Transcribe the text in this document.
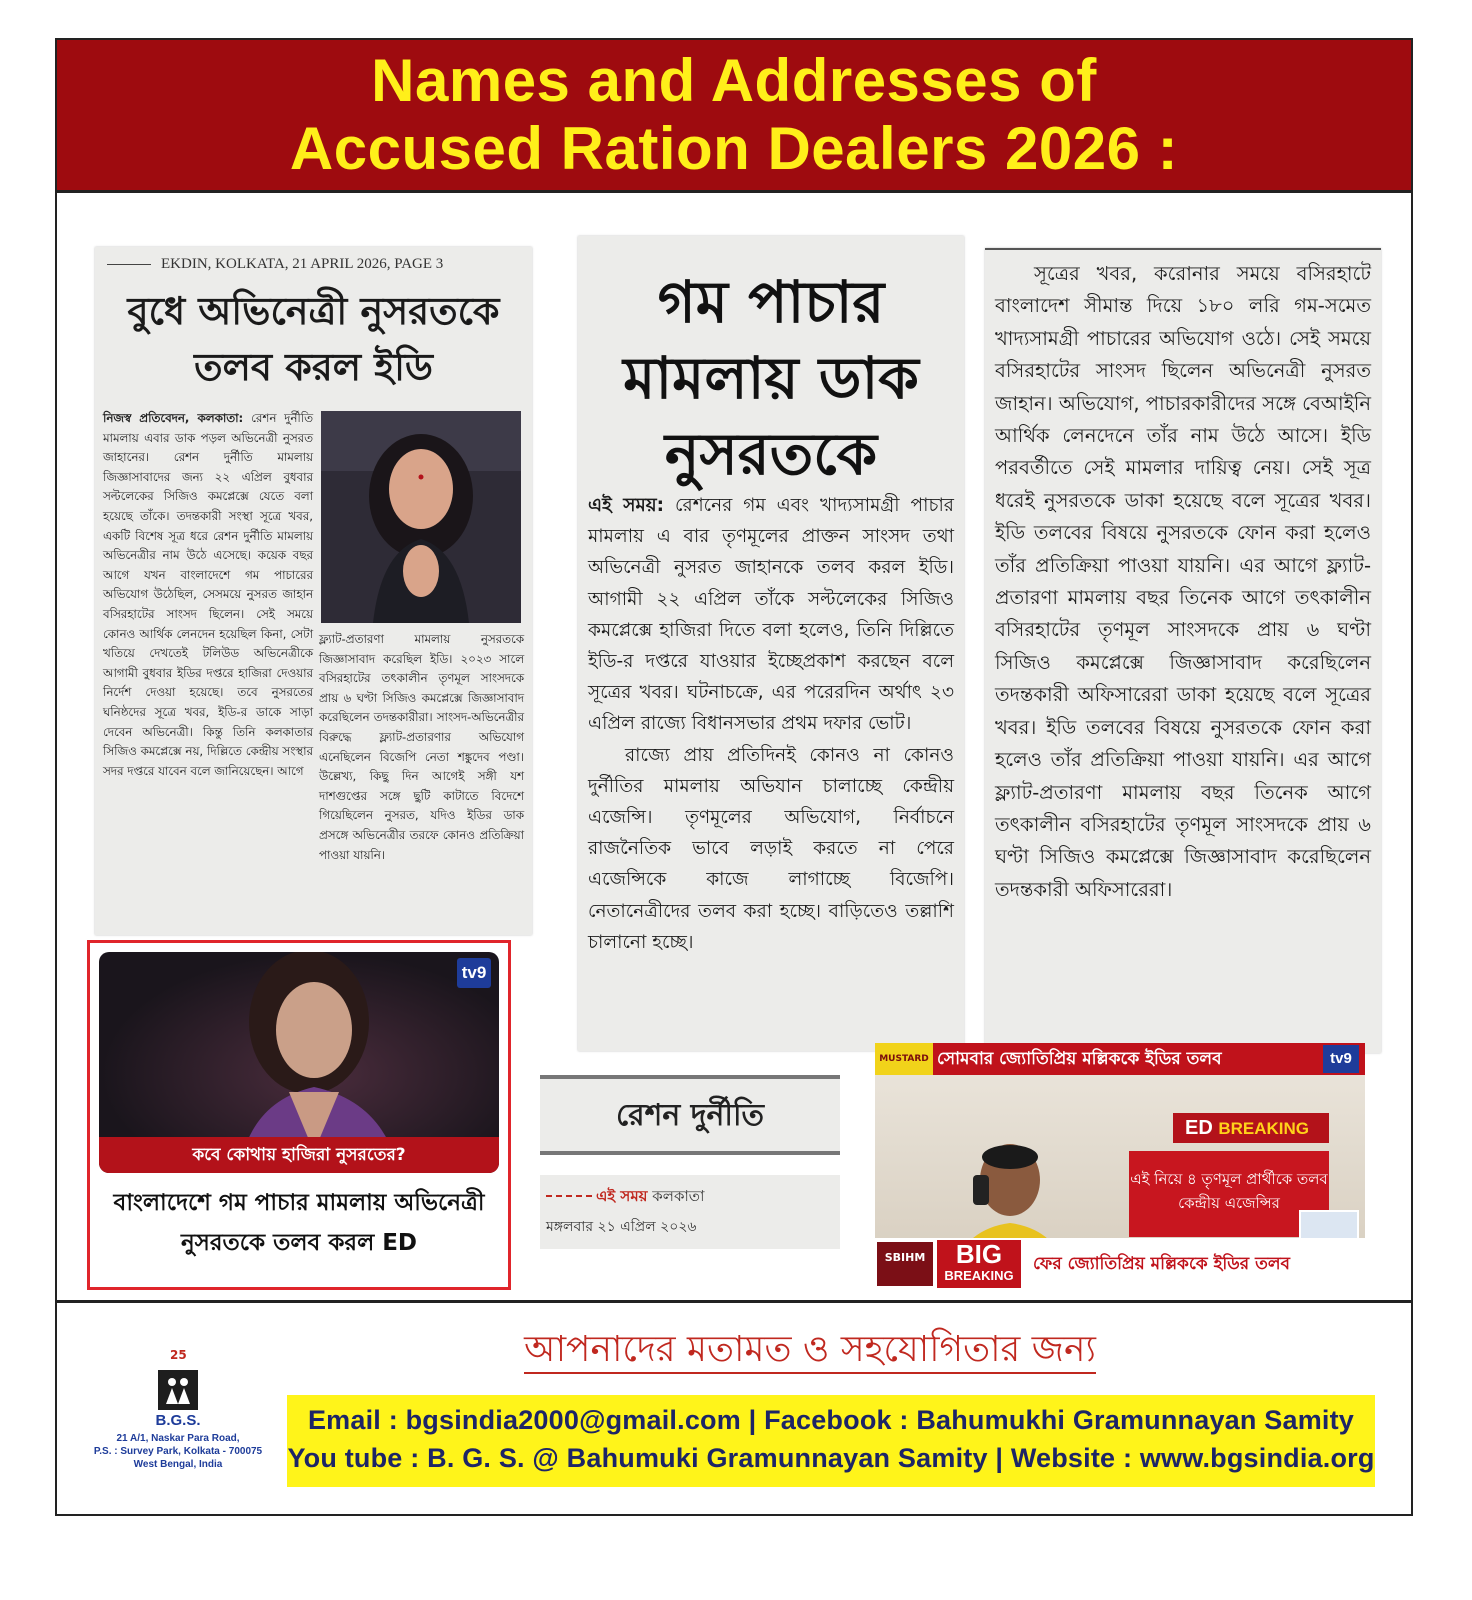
Names and Addresses of
Accused Ration Dealers 2026 :
EKDIN, KOLKATA, 21 APRIL 2026, PAGE 3
বুধে অভিনেত্রী নুসরতকে তলব করল ইডি
নিজস্ব প্রতিবেদন, কলকাতা: রেশন দুর্নীতি মামলায় এবার ডাক পড়ল অভিনেত্রী নুসরত জাহানের। রেশন দুর্নীতি মামলায় জিজ্ঞাসাবাদের জন্য ২২ এপ্রিল বুধবার সল্টলেকের সিজিও কমপ্লেক্সে যেতে বলা হয়েছে তাঁকে। তদন্তকারী সংস্থা সূত্রে খবর, একটি বিশেষ সূত্র ধরে রেশন দুর্নীতি মামলায় অভিনেত্রীর নাম উঠে এসেছে। কয়েক বছর আগে যখন বাংলাদেশে গম পাচারের অভিযোগ উঠেছিল, সেসময়ে নুসরত জাহান বসিরহাটের সাংসদ ছিলেন। সেই সময়ে কোনও আর্থিক লেনদেন হয়েছিল কিনা, সেটা খতিয়ে দেখতেই টলিউড অভিনেত্রীকে আগামী বুধবার ইডির দপ্তরে হাজিরা দেওয়ার নির্দেশ দেওয়া হয়েছে। তবে নুসরতের ঘনিষ্ঠদের সূত্রে খবর, ইডি-র ডাকে সাড়া দেবেন অভিনেত্রী। কিন্তু তিনি কলকাতার সিজিও কমপ্লেক্সে নয়, দিল্লিতে কেন্দ্রীয় সংস্থার সদর দপ্তরে যাবেন বলে জানিয়েছেন। আগে
ফ্ল্যাট-প্রতারণা মামলায় নুসরতকে জিজ্ঞাসাবাদ করেছিল ইডি। ২০২৩ সালে বসিরহাটের তৎকালীন তৃণমূল সাংসদকে প্রায় ৬ ঘণ্টা সিজিও কমপ্লেক্সে জিজ্ঞাসাবাদ করেছিলেন তদন্তকারীরা। সাংসদ-অভিনেত্রীর বিরুদ্ধে ফ্ল্যাট-প্রতারণার অভিযোগ এনেছিলেন বিজেপি নেতা শঙ্কুদেব পণ্ডা। উল্লেখ্য, কিছু দিন আগেই সঙ্গী যশ দাশগুপ্তের সঙ্গে ছুটি কাটাতে বিদেশে গিয়েছিলেন নুসরত, যদিও ইডির ডাক প্রসঙ্গে অভিনেত্রীর তরফে কোনও প্রতিক্রিয়া পাওয়া যায়নি।
গম পাচার মামলায় ডাক নুসরতকে

এই সময়: রেশনের গম এবং খাদ্যসামগ্রী পাচার মামলায় এ বার তৃণমূলের প্রাক্তন সাংসদ তথা অভিনেত্রী নুসরত জাহানকে তলব করল ইডি। আগামী ২২ এপ্রিল তাঁকে সল্টলেকের সিজিও কমপ্লেক্সে হাজিরা দিতে বলা হলেও, তিনি দিল্লিতে ইডি-র দপ্তরে যাওয়ার ইচ্ছেপ্রকাশ করছেন বলে সূত্রের খবর। ঘটনাচক্রে, এর পরেরদিন অর্থাৎ ২৩ এপ্রিল রাজ্যে বিধানসভার প্রথম দফার ভোট।

রাজ্যে প্রায় প্রতিদিনই কোনও না কোনও দুর্নীতির মামলায় অভিযান চালাচ্ছে কেন্দ্রীয় এজেন্সি। তৃণমূলের অভিযোগ, নির্বাচনে রাজনৈতিক ভাবে লড়াই করতে না পেরে এজেন্সিকে কাজে লাগাচ্ছে বিজেপি। নেতানেত্রীদের তলব করা হচ্ছে। বাড়িতেও তল্লাশি চালানো হচ্ছে।

সূত্রের খবর, করোনার সময়ে বসিরহাটে বাংলাদেশ সীমান্ত দিয়ে ১৮০ লরি গম-সমেত খাদ্যসামগ্রী পাচারের অভিযোগ ওঠে। সেই সময়ে বসিরহাটের সাংসদ ছিলেন অভিনেত্রী নুসরত জাহান। অভিযোগ, পাচারকারীদের সঙ্গে বেআইনি আর্থিক লেনদেনে তাঁর নাম উঠে আসে। ইডি পরবর্তীতে সেই মামলার দায়িত্ব নেয়। সেই সূত্র ধরেই নুসরতকে ডাকা হয়েছে বলে সূত্রের খবর। ইডি তলবের বিষয়ে নুসরতকে ফোন করা হলেও তাঁর প্রতিক্রিয়া পাওয়া যায়নি। এর আগে ফ্ল্যাট-প্রতারণা মামলায় বছর তিনেক আগে তৎকালীন বসিরহাটের তৃণমূল সাংসদকে প্রায় ৬ ঘণ্টা সিজিও কমপ্লেক্সে জিজ্ঞাসাবাদ করেছিলেন তদন্তকারী অফিসারেরা ডাকা হয়েছে বলে সূত্রের খবর। ইডি তলবের বিষয়ে নুসরতকে ফোন করা হলেও তাঁর প্রতিক্রিয়া পাওয়া যায়নি। এর আগে ফ্ল্যাট-প্রতারণা মামলায় বছর তিনেক আগে তৎকালীন বসিরহাটের তৃণমূল সাংসদকে প্রায় ৬ ঘণ্টা সিজিও কমপ্লেক্সে জিজ্ঞাসাবাদ করেছিলেন তদন্তকারী অফিসারেরা।
tv9
কবে কোথায় হাজিরা নুসরতের?
বাংলাদেশে গম পাচার মামলায় অভিনেত্রী নুসরতকে তলব করল ED
রেশন দুর্নীতি
এই সময় কলকাতা
মঙ্গলবার ২১ এপ্রিল ২০২৬
সোমবার জ্যোতিপ্রিয় মল্লিককে ইডির তলব
MUSTARD	tv9
ED BREAKING
এই নিয়ে ৪ তৃণমূল প্রার্থীকে তলব কেন্দ্রীয় এজেন্সির
SBIHM	BIG
BREAKING
ফের জ্যোতিপ্রিয় মল্লিককে ইডির তলব
আপনাদের মতামত ও সহযোগিতার জন্য
25
B.G.S.
21 A/1, Naskar Para Road,
P.S. : Survey Park, Kolkata - 700075
West Bengal, India
Email : bgsindia2000@gmail.com | Facebook : Bahumukhi Gramunnayan Samity
You tube : B. G. S. @ Bahumuki Gramunnayan Samity | Website : www.bgsindia.org
